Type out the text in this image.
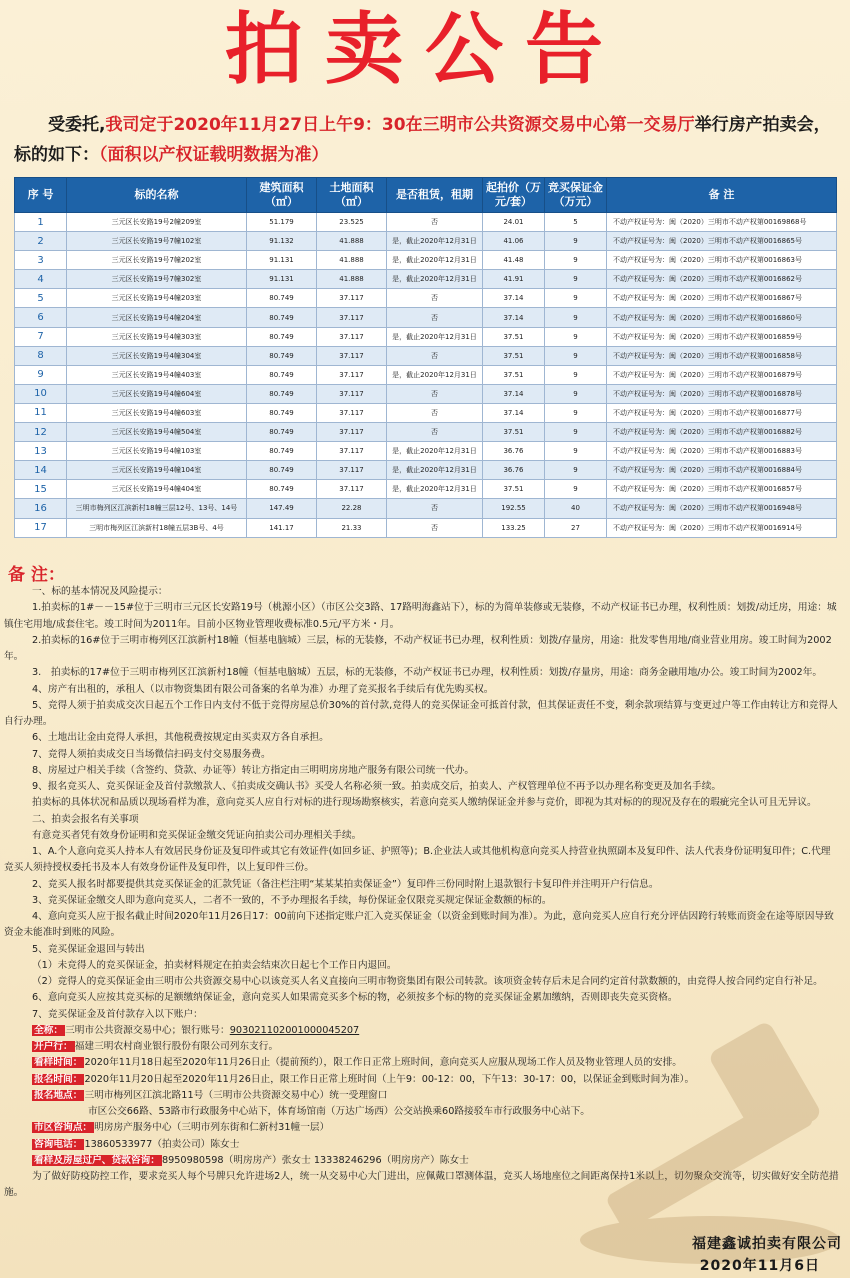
拍卖公告
受委托,我司定于2020年11月27日上午9：30在三明市公共资源交易中心第一交易厅举行房产拍卖会，
标的如下：（面积以产权证载明数据为准）
序 号	标的名称	建筑面积（㎡）	土地面积（㎡）	是否租赁，租期	起拍价（万元/套）	竞买保证金（万元）	备 注
1	三元区长安路19号2幢209室	51.179	23.525	否	24.01	5	不动产权证号为：闽（2020）三明市不动产权第00169868号
2	三元区长安路19号7幢102室	91.132	41.888	是，截止2020年12月31日	41.06	9	不动产权证号为：闽（2020）三明市不动产权第0016865号
3	三元区长安路19号7幢202室	91.131	41.888	是，截止2020年12月31日	41.48	9	不动产权证号为：闽（2020）三明市不动产权第0016863号
4	三元区长安路19号7幢302室	91.131	41.888	是，截止2020年12月31日	41.91	9	不动产权证号为：闽（2020）三明市不动产权第0016862号
5	三元区长安路19号4幢203室	80.749	37.117	否	37.14	9	不动产权证号为：闽（2020）三明市不动产权第0016867号
6	三元区长安路19号4幢204室	80.749	37.117	否	37.14	9	不动产权证号为：闽（2020）三明市不动产权第0016860号
7	三元区长安路19号4幢303室	80.749	37.117	是，截止2020年12月31日	37.51	9	不动产权证号为：闽（2020）三明市不动产权第0016859号
8	三元区长安路19号4幢304室	80.749	37.117	否	37.51	9	不动产权证号为：闽（2020）三明市不动产权第0016858号
9	三元区长安路19号4幢403室	80.749	37.117	是，截止2020年12月31日	37.51	9	不动产权证号为：闽（2020）三明市不动产权第0016879号
10	三元区长安路19号4幢604室	80.749	37.117	否	37.14	9	不动产权证号为：闽（2020）三明市不动产权第0016878号
11	三元区长安路19号4幢603室	80.749	37.117	否	37.14	9	不动产权证号为：闽（2020）三明市不动产权第0016877号
12	三元区长安路19号4幢504室	80.749	37.117	否	37.51	9	不动产权证号为：闽（2020）三明市不动产权第0016882号
13	三元区长安路19号4幢103室	80.749	37.117	是，截止2020年12月31日	36.76	9	不动产权证号为：闽（2020）三明市不动产权第0016883号
14	三元区长安路19号4幢104室	80.749	37.117	是，截止2020年12月31日	36.76	9	不动产权证号为：闽（2020）三明市不动产权第0016884号
15	三元区长安路19号4幢404室	80.749	37.117	是，截止2020年12月31日	37.51	9	不动产权证号为：闽（2020）三明市不动产权第0016857号
16	三明市梅列区江滨新村18幢三层12号、13号、14号	147.49	22.28	否	192.55	40	不动产权证号为：闽（2020）三明市不动产权第0016948号
17	三明市梅列区江滨新村18幢五层3B号、4号	141.17	21.33	否	133.25	27	不动产权证号为：闽（2020）三明市不动产权第0016914号
备 注：

一、标的基本情况及风险提示：

1.拍卖标的1#－－15#位于三明市三元区长安路19号（桃源小区）（市区公交3路、17路明海鑫站下），标的为简单装修或无装修，不动产权证书已办理，权利性质：划拨/动迁房，用途：城镇住宅用地/成套住宅。竣工时间为2011年。目前小区物业管理收费标准0.5元/平方米・月。

2.拍卖标的16#位于三明市梅列区江滨新村18幢（恒基电脑城）三层，标的无装修，不动产权证书已办理，权利性质：划拨/存量房，用途：批发零售用地/商业营业用房。竣工时间为2002年。

3.　拍卖标的17#位于三明市梅列区江滨新村18幢（恒基电脑城）五层，标的无装修，不动产权证书已办理，权利性质：划拨/存量房，用途：商务金融用地/办公。竣工时间为2002年。

4、房产有出租的，承租人（以市物资集团有限公司备案的名单为准）办理了竞买报名手续后有优先购买权。

5、竞得人须于拍卖成交次日起五个工作日内支付不低于竞得房屋总价30%的首付款,竞得人的竞买保证金可抵首付款，但其保证责任不变，剩余款项结算与变更过户等工作由转让方和竞得人自行办理。

6、土地出让金由竞得人承担，其他税费按规定由买卖双方各自承担。

7、竞得人须拍卖成交日当场微信扫码支付交易服务费。

8、房屋过户相关手续（含签约、贷款、办证等）转让方指定由三明明房房地产服务有限公司统一代办。

9、报名竞买人、竞买保证金及首付款缴款人、《拍卖成交确认书》买受人名称必须一致。拍卖成交后，拍卖人、产权管理单位不再予以办理名称变更及加名手续。

拍卖标的具体状况和品质以现场看样为准，意向竞买人应自行对标的进行现场勘察核实，若意向竞买人缴纳保证金并参与竞价，即视为其对标的的现况及存在的瑕疵完全认可且无异议。

二、拍卖会报名有关事项

有意竞买者凭有效身份证明和竞买保证金缴交凭证向拍卖公司办理相关手续。

1、A.个人意向竞买人持本人有效居民身份证及复印件或其它有效证件(如回乡证、护照等)；B.企业法人或其他机构意向竞买人持营业执照副本及复印件、法人代表身份证明复印件；C.代理竞买人须持授权委托书及本人有效身份证件及复印件，以上复印件三份。

2、竞买人报名时都要提供其竞买保证金的汇款凭证（备注栏注明“某某某拍卖保证金”）复印件三份同时附上退款银行卡复印件并注明开户行信息。

3、竞买保证金缴交人即为意向竞买人，二者不一致的，不予办理报名手续，每份保证金仅限竞买规定保证金数额的标的。

4、意向竞买人应于报名截止时间2020年11月26日17：00前向下述指定账户汇入竞买保证金（以资金到账时间为准）。为此，意向竞买人应自行充分评估因跨行转账而资金在途等原因导致资金未能准时到账的风险。

5、竞买保证金退回与转出

（1）未竞得人的竞买保证金，拍卖材料规定在拍卖会结束次日起七个工作日内退回。

（2）竞得人的竞买保证金由三明市公共资源交易中心以该竞买人名义直接向三明市物资集团有限公司转款。该项资金转存后未足合同约定首付款数额的，由竞得人按合同约定自行补足。

6、意向竞买人应按其竞买标的足额缴纳保证金，意向竞买人如果需竞买多个标的物，必须按多个标的物的竞买保证金累加缴纳，否则即丧失竞买资格。

7、竞买保证金及首付款存入以下账户：

全称： 三明市公共资源交易中心；银行账号：903021102001000045207

开户行： 福建三明农村商业银行股份有限公司列东支行。

看样时间： 2020年11月18日起至2020年11月26日止（提前预约），限工作日正常上班时间，意向竞买人应服从现场工作人员及物业管理人员的安排。

报名时间： 2020年11月20日起至2020年11月26日止，限工作日正常上班时间（上午9：00-12：00，下午13：30-17：00，以保证金到账时间为准）。

报名地点： 三明市梅列区江滨北路11号（三明市公共资源交易中心）统一受理窗口

市区公交66路、53路市行政服务中心站下，体育场馆南（万达广场西）公交站换乘60路接驳车市行政服务中心站下。

市区咨询点： 明房房产服务中心（三明市列东街和仁新村31幢一层）

咨询电话： 13860533977（拍卖公司）陈女士

看样及房屋过户、贷款咨询： 8950980598（明房房产）张女士 13338246296（明房房产）陈女士

为了做好防疫防控工作，要求竞买人每个号牌只允许进场2人，统一从交易中心大门进出，应佩戴口罩测体温，竞买人场地座位之间距离保持1米以上，切勿聚众交流等，切实做好安全防范措施。

福建鑫诚拍卖有限公司
2020年11月6日
